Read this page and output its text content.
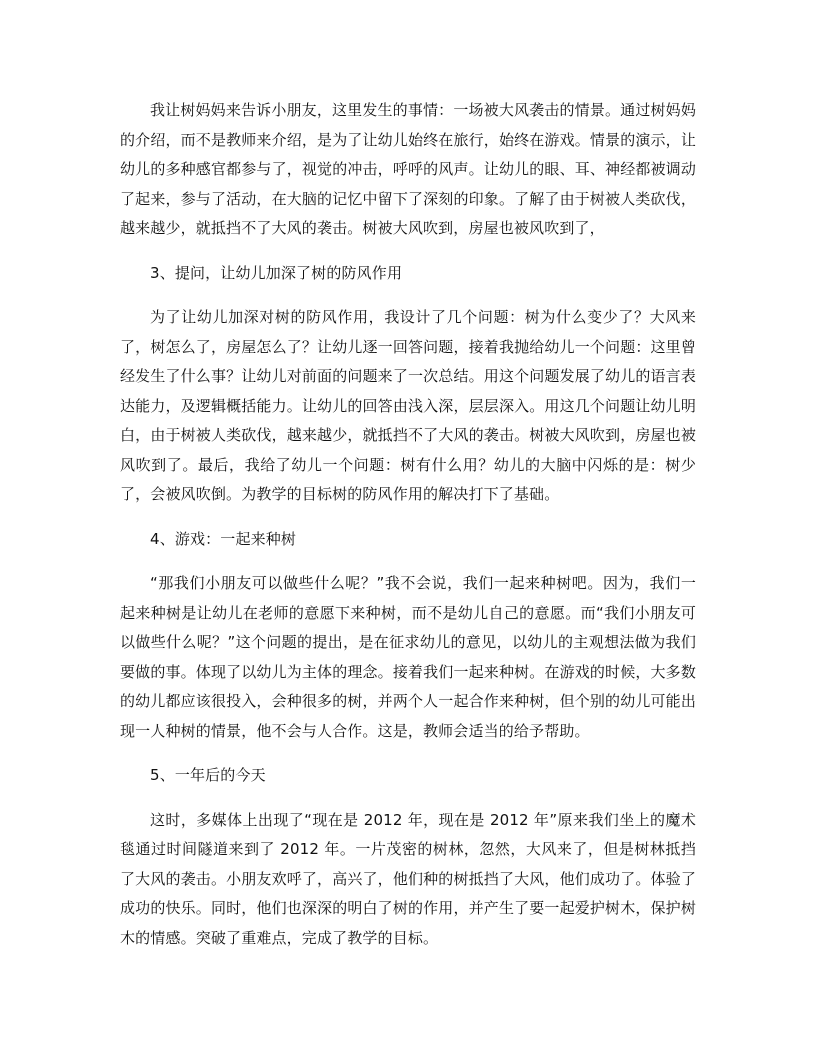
我让树妈妈来告诉小朋友，这里发生的事情：一场被大风袭击的情景。通过树妈妈的介绍，而不是教师来介绍，是为了让幼儿始终在旅行，始终在游戏。情景的演示，让幼儿的多种感官都参与了，视觉的冲击，呼呼的风声。让幼儿的眼、耳、神经都被调动了起来，参与了活动，在大脑的记忆中留下了深刻的印象。了解了由于树被人类砍伐，越来越少，就抵挡不了大风的袭击。树被大风吹到，房屋也被风吹到了，

3、提问，让幼儿加深了树的防风作用

为了让幼儿加深对树的防风作用，我设计了几个问题：树为什么变少了？大风来了，树怎么了，房屋怎么了？让幼儿逐一回答问题，接着我抛给幼儿一个问题：这里曾经发生了什么事？让幼儿对前面的问题来了一次总结。用这个问题发展了幼儿的语言表达能力，及逻辑概括能力。让幼儿的回答由浅入深，层层深入。用这几个问题让幼儿明白，由于树被人类砍伐，越来越少，就抵挡不了大风的袭击。树被大风吹到，房屋也被风吹到了。最后，我给了幼儿一个问题：树有什么用？幼儿的大脑中闪烁的是：树少了，会被风吹倒。为教学的目标树的防风作用的解决打下了基础。

4、游戏：一起来种树

“那我们小朋友可以做些什么呢？”我不会说，我们一起来种树吧。因为，我们一起来种树是让幼儿在老师的意愿下来种树，而不是幼儿自己的意愿。而“我们小朋友可以做些什么呢？”这个问题的提出，是在征求幼儿的意见，以幼儿的主观想法做为我们要做的事。体现了以幼儿为主体的理念。接着我们一起来种树。在游戏的时候，大多数的幼儿都应该很投入，会种很多的树，并两个人一起合作来种树，但个别的幼儿可能出现一人种树的情景，他不会与人合作。这是，教师会适当的给予帮助。

5、一年后的今天

这时，多媒体上出现了“现在是 2012 年，现在是 2012 年”原来我们坐上的魔术毯通过时间隧道来到了 2012 年。一片茂密的树林，忽然，大风来了，但是树林抵挡了大风的袭击。小朋友欢呼了，高兴了，他们种的树抵挡了大风，他们成功了。体验了成功的快乐。同时，他们也深深的明白了树的作用，并产生了要一起爱护树木，保护树木的情感。突破了重难点，完成了教学的目标。
